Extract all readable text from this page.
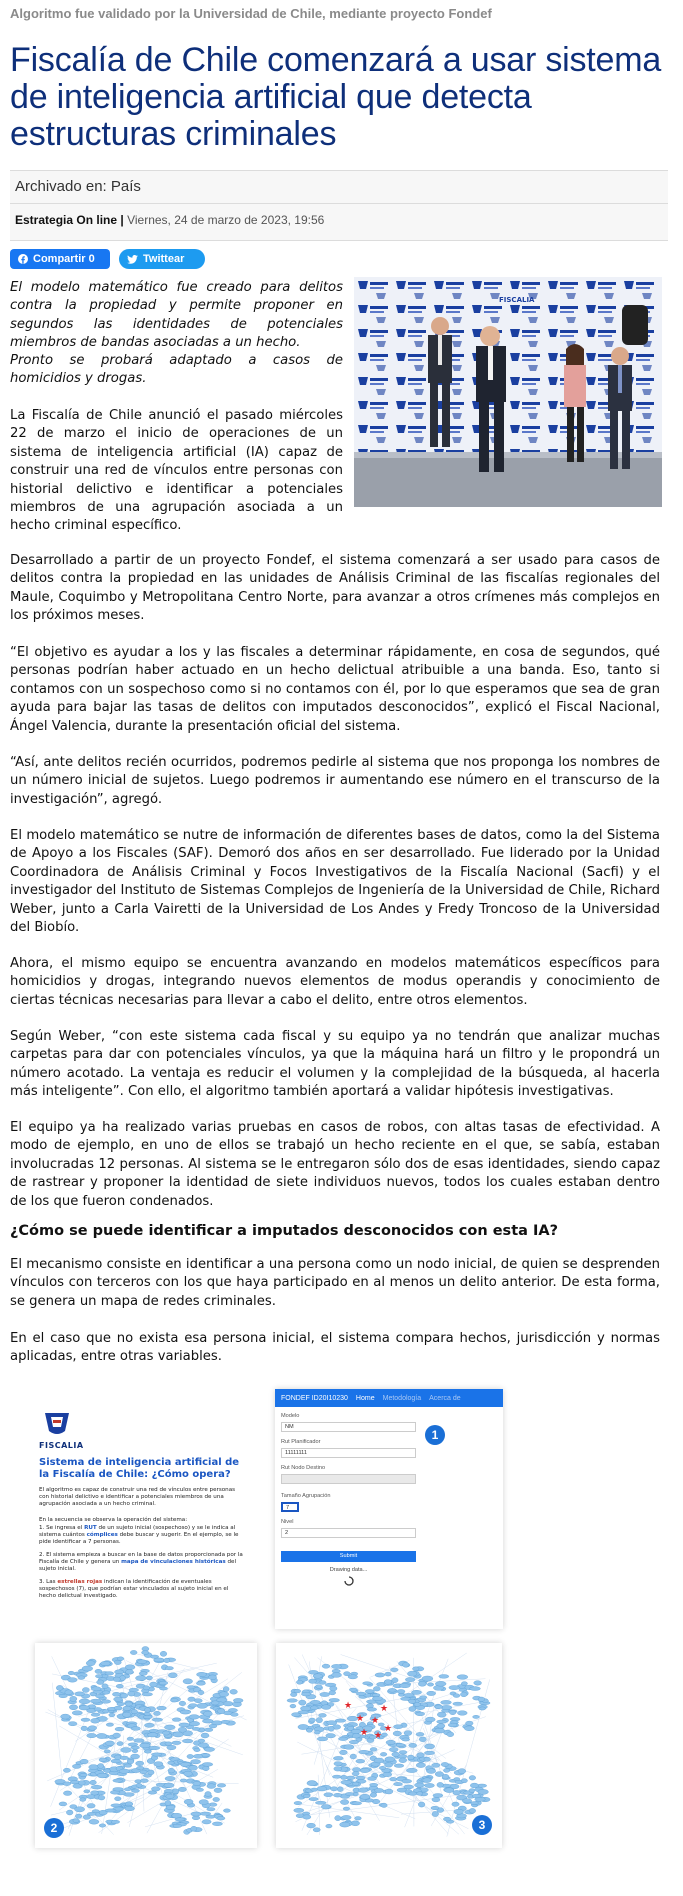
Algoritmo fue validado por la Universidad de Chile, mediante proyecto Fondef
Fiscalía de Chile comenzará a usar sistema de inteligencia artificial que detecta estructuras criminales
Archivado en: País
Estrategia On line | Viernes, 24 de marzo de 2023, 19:56
Compartir 0	Twittear
FISCALIA

El modelo matemático fue creado para delitos contra la propiedad y permite proponer en segundos las identidades de potenciales miembros de bandas asociadas a un hecho.

Pronto se probará adaptado a casos de homicidios y drogas.

La Fiscalía de Chile anunció el pasado miércoles 22 de marzo el inicio de operaciones de un sistema de inteligencia artificial (IA) capaz de construir una red de vínculos entre personas con historial delictivo e identificar a potenciales miembros de una agrupación asociada a un hecho criminal específico.

Desarrollado a partir de un proyecto Fondef, el sistema comenzará a ser usado para casos de delitos contra la propiedad en las unidades de Análisis Criminal de las fiscalías regionales del Maule, Coquimbo y Metropolitana Centro Norte, para avanzar a otros crímenes más complejos en los próximos meses.

“El objetivo es ayudar a los y las fiscales a determinar rápidamente, en cosa de segundos, qué personas podrían haber actuado en un hecho delictual atribuible a una banda. Eso, tanto si contamos con un sospechoso como si no contamos con él, por lo que esperamos que sea de gran ayuda para bajar las tasas de delitos con imputados desconocidos”, explicó el Fiscal Nacional, Ángel Valencia, durante la presentación oficial del sistema.

“Así, ante delitos recién ocurridos, podremos pedirle al sistema que nos proponga los nombres de un número inicial de sujetos. Luego podremos ir aumentando ese número en el transcurso de la investigación”, agregó.

El modelo matemático se nutre de información de diferentes bases de datos, como la del Sistema de Apoyo a los Fiscales (SAF). Demoró dos años en ser desarrollado. Fue liderado por la Unidad Coordinadora de Análisis Criminal y Focos Investigativos de la Fiscalía Nacional (Sacfi) y el investigador del Instituto de Sistemas Complejos de Ingeniería de la Universidad de Chile, Richard Weber, junto a Carla Vairetti de la Universidad de Los Andes y Fredy Troncoso de la Universidad del Biobío.

Ahora, el mismo equipo se encuentra avanzando en modelos matemáticos específicos para homicidios y drogas, integrando nuevos elementos de modus operandis y conocimiento de ciertas técnicas necesarias para llevar a cabo el delito, entre otros elementos.

Según Weber, “con este sistema cada fiscal y su equipo ya no tendrán que analizar muchas carpetas para dar con potenciales vínculos, ya que la máquina hará un filtro y le propondrá un número acotado. La ventaja es reducir el volumen y la complejidad de la búsqueda, al hacerla más inteligente”. Con ello, el algoritmo también aportará a validar hipótesis investigativas.

El equipo ya ha realizado varias pruebas en casos de robos, con altas tasas de efectividad. A modo de ejemplo, en uno de ellos se trabajó un hecho reciente en el que, se sabía, estaban involucradas 12 personas. Al sistema se le entregaron sólo dos de esas identidades, siendo capaz de rastrear y proponer la identidad de siete individuos nuevos, todos los cuales estaban dentro de los que fueron condenados.

¿Cómo se puede identificar a imputados desconocidos con esta IA?

El mecanismo consiste en identificar a una persona como un nodo inicial, de quien se desprenden vínculos con terceros con los que haya participado en al menos un delito anterior. De esta forma, se genera un mapa de redes criminales.

En el caso que no exista esa persona inicial, el sistema compara hechos, jurisdicción y normas aplicadas, entre otras variables.

FISCALIA
Sistema de inteligencia artificial de la Fiscalía de Chile: ¿Cómo opera?
El algoritmo es capaz de construir una red de vínculos entre personas con historial delictivo e identificar a potenciales miembros de una agrupación asociada a un hecho criminal.
En la secuencia se observa la operación del sistema:
1. Se ingresa el RUT de un sujeto inicial (sospechoso) y se le indica al sistema cuántos cómplices debe buscar y sugerir. En el ejemplo, se le pide identificar a 7 personas.
2. El sistema empieza a buscar en la base de datos proporcionada por la Fiscalía de Chile y genera un mapa de vinculaciones históricas del sujeto inicial.
3. Las estrellas rojas indican la identificación de eventuales sospechosos (7), que podrían estar vinculados al sujeto inicial en el hecho delictual investigado.
FONDEF ID20I10230 Home Metodología Acerca de
Modelo
NM
Rut Planificador
11111111
Rut Nodo Destino
Tamaño Agrupación
7
Nivel
2
Submit
Drawing data...
1
2
★
★ ★
★
★
★ ★
3
